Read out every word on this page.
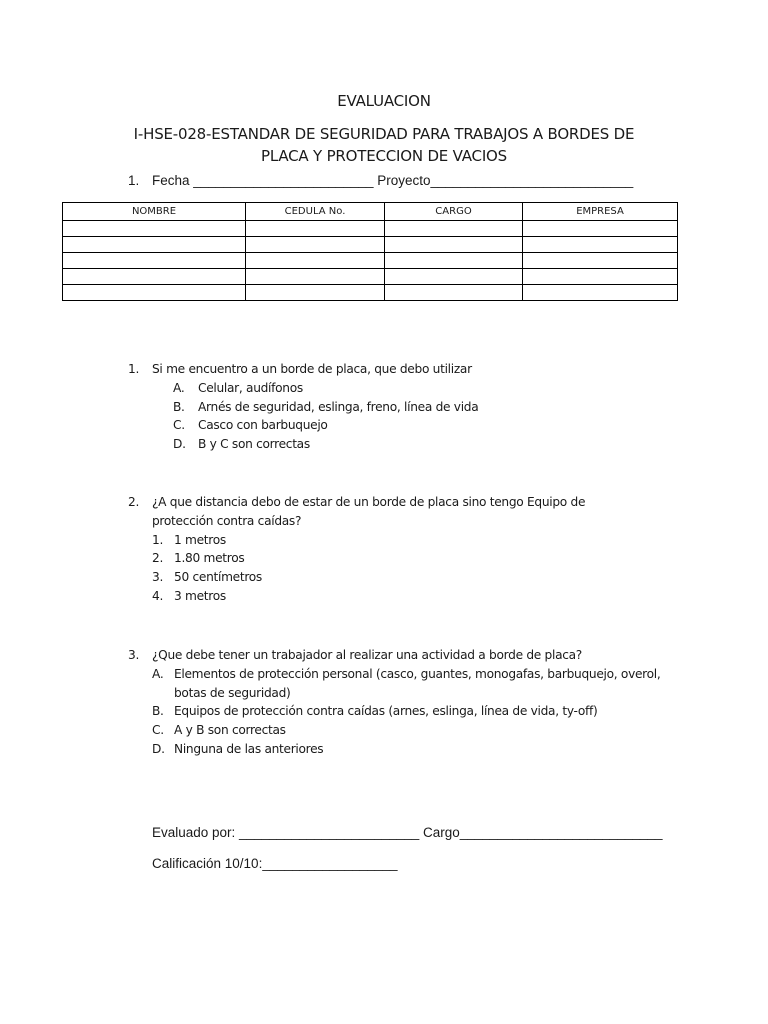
EVALUACION
I-HSE-028-ESTANDAR DE SEGURIDAD PARA TRABAJOS A BORDES DE
PLACA Y PROTECCION DE VACIOS
1. Fecha ________________________ Proyecto___________________________
NOMBRE	CEDULA No.	CARGO	EMPRESA

1. Si me encuentro a un borde de placa, que debo utilizar
A. Celular, audífonos
B. Arnés de seguridad, eslinga, freno, línea de vida
C. Casco con barbuquejo
D. B y C son correctas
2. ¿A que distancia debo de estar de un borde de placa sino tengo Equipo de protección contra caídas?
1. 1 metros
2. 1.80 metros
3. 50 centímetros
4. 3 metros
3. ¿Que debe tener un trabajador al realizar una actividad a borde de placa?
A. Elementos de protección personal (casco, guantes, monogafas, barbuquejo, overol, botas de seguridad)
B. Equipos de protección contra caídas (arnes, eslinga, línea de vida, ty-off)
C. A y B son correctas
D. Ninguna de las anteriores
Evaluado por: ________________________ Cargo___________________________
Calificación 10/10:__________________
